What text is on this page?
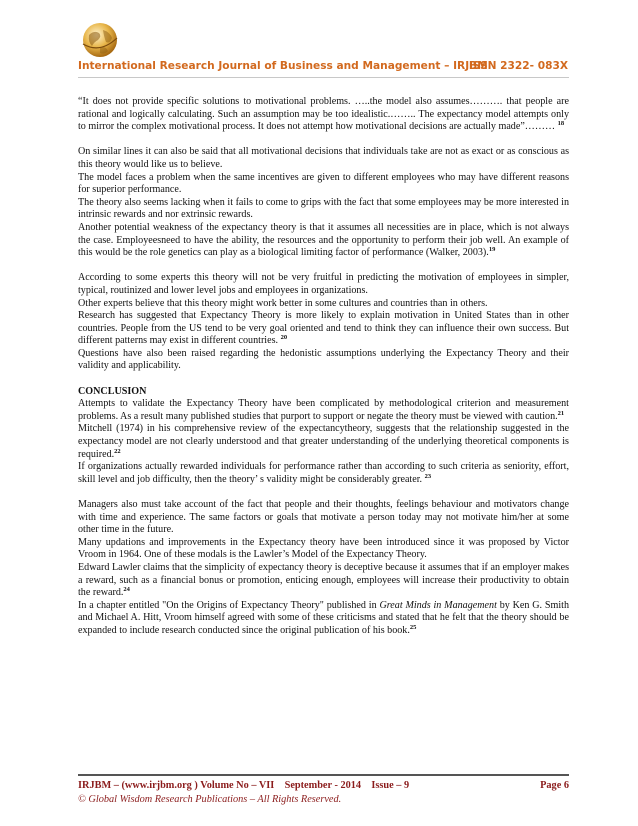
International Research Journal of Business and Management – IRJBM
ISSN 2322- 083X

“It does not provide specific solutions to motivational problems. …..the model also assumes………. that people are rational and logically calculating. Such an assumption may be too idealistic.…….. The expectancy model attempts only to mirror the complex motivational process. It does not attempt how motivational decisions are actually made”……… $^{18}$

On similar lines it can also be said that all motivational decisions that individuals take are not as exact or as conscious as this theory would like us to believe.

The model faces a problem when the same incentives are given to different employees who may have different reasons for superior performance.

The theory also seems lacking when it fails to come to grips with the fact that some employees may be more interested in intrinsic rewards and nor extrinsic rewards.

Another potential weakness of the expectancy theory is that it assumes all necessities are in place, which is not always the case. Employeesneed to have the ability, the resources and the opportunity to perform their job well. An example of this would be the role genetics can play as a biological limiting factor of performance (Walker, 2003).$^{19}$

According to some experts this theory will not be very fruitful in predicting the motivation of employees in simpler, typical, routinized and lower level jobs and employees in organizations.

Other experts believe that this theory might work better in some cultures and countries than in others.

Research has suggested that Expectancy Theory is more likely to explain motivation in United States than in other countries. People from the US tend to be very goal oriented and tend to think they can influence their own success. But different patterns may exist in different countries. $^{20}$

Questions have also been raised regarding the hedonistic assumptions underlying the Expectancy Theory and their validity and applicability.

CONCLUSION

Attempts to validate the Expectancy Theory have been complicated by methodological criterion and measurement problems. As a result many published studies that purport to support or negate the theory must be viewed with caution.$^{21}$

Mitchell (1974) in his comprehensive review of the expectancytheory, suggests that the relationship suggested in the expectancy model are not clearly understood and that greater understanding of the underlying theoretical components is required.$^{22}$

If organizations actually rewarded individuals for performance rather than according to such criteria as seniority, effort, skill level and job difficulty, then the theory’ s validity might be considerably greater. $^{23}$

Managers also must take account of the fact that people and their thoughts, feelings behaviour and motivators change with time and experience. The same factors or goals that motivate a person today may not motivate him/her at some other time in the future.

Many updations and improvements in the Expectancy theory have been introduced since it was proposed by Victor Vroom in 1964. One of these modals is the Lawler’s Model of the Expectancy Theory.

Edward Lawler claims that the simplicity of expectancy theory is deceptive because it assumes that if an employer makes a reward, such as a financial bonus or promotion, enticing enough, employees will increase their productivity to obtain the reward.$^{24}$

In a chapter entitled "On the Origins of Expectancy Theory" published in Great Minds in Management by Ken G. Smith and Michael A. Hitt, Vroom himself agreed with some of these criticisms and stated that he felt that the theory should be expanded to include research conducted since the original publication of his book.$^{25}$

IRJBM – (www.irjbm.org ) Volume No – VII    September - 2014    Issue – 9	Page 6
© Global Wisdom Research Publications – All Rights Reserved.
